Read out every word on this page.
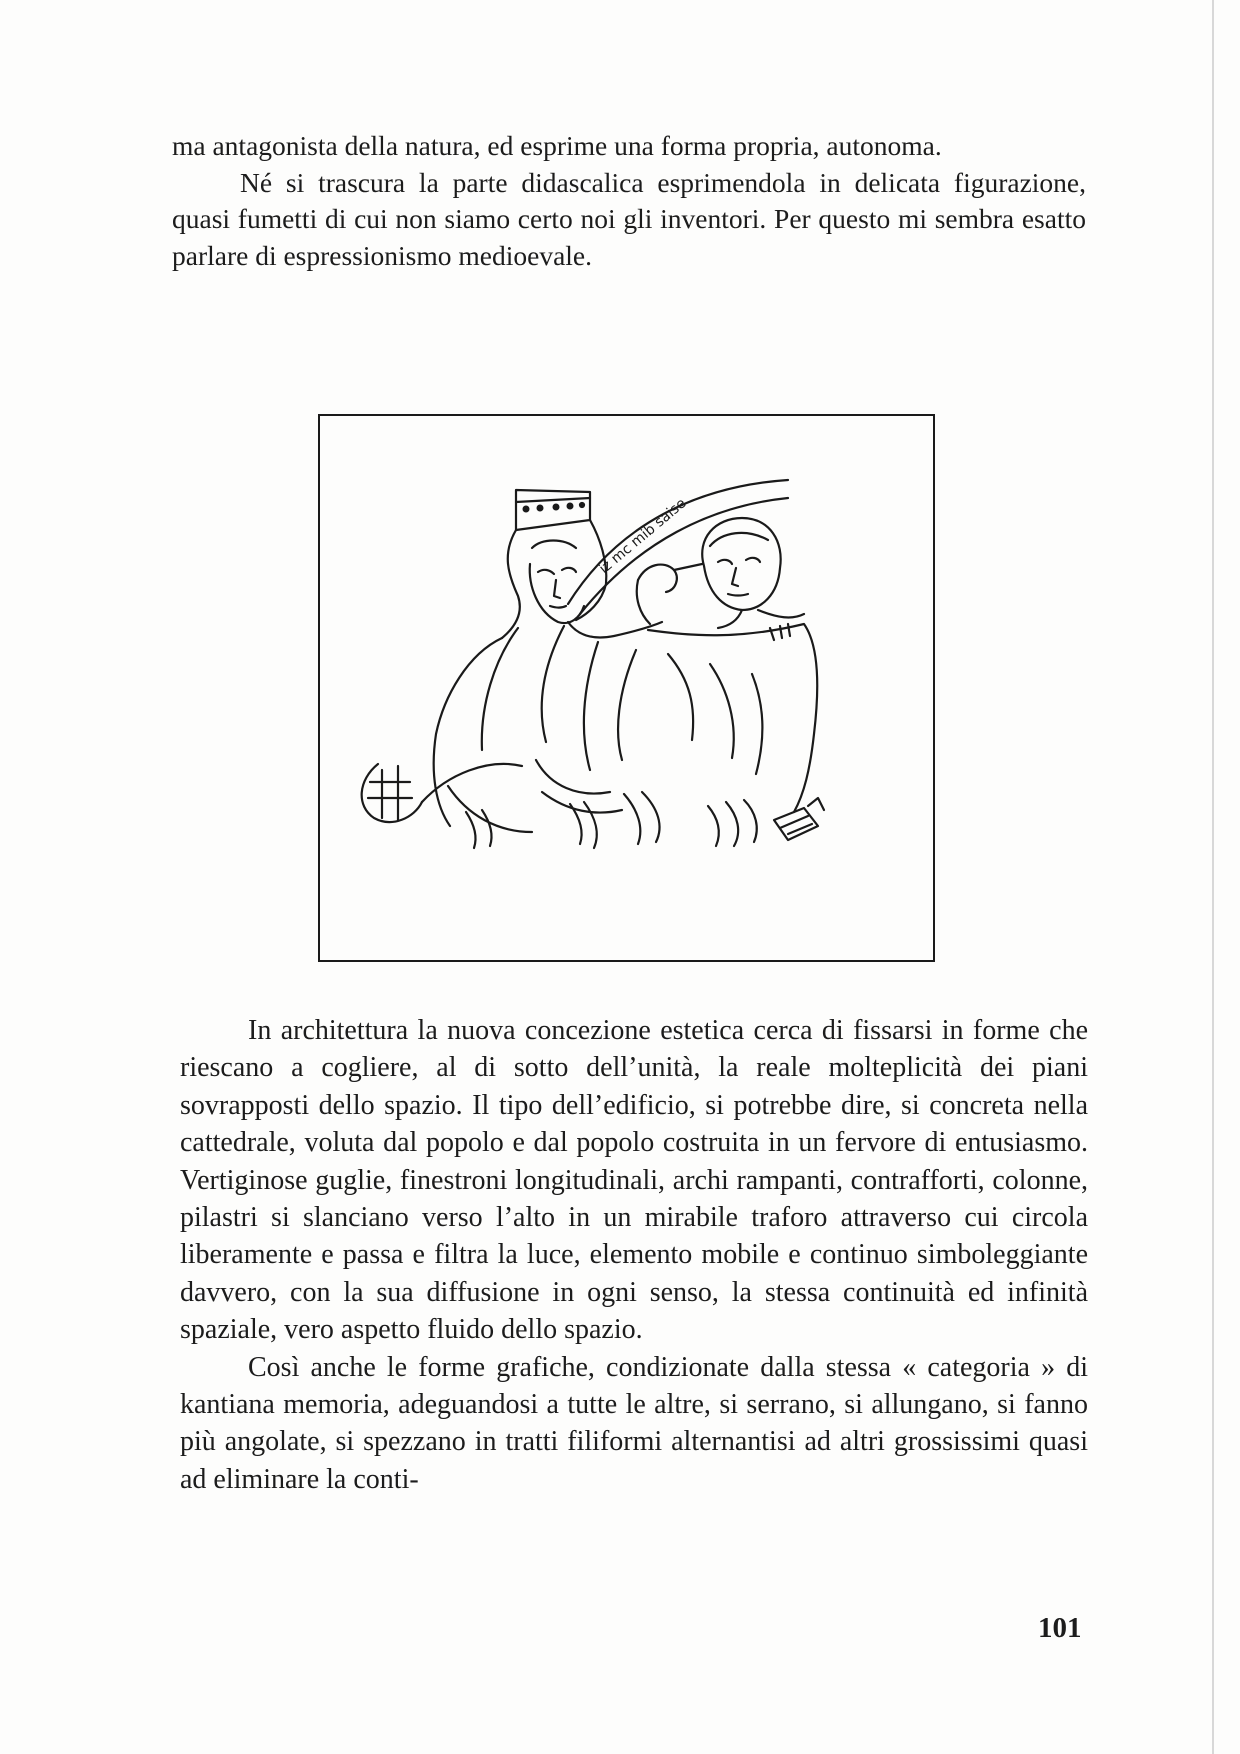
ma antagonista della natura, ed esprime una forma propria, autonoma.

Né si trascura la parte didascalica esprimendola in delicata figurazione, quasi fumetti di cui non siamo certo noi gli inventori. Per questo mi sembra esatto parlare di espressionismo medioevale.

iz mc mib saise

In architettura la nuova concezione estetica cerca di fissarsi in forme che riescano a cogliere, al di sotto dell’unità, la reale molteplicità dei piani sovrapposti dello spazio. Il tipo dell’edificio, si potrebbe dire, si concreta nella cattedrale, voluta dal popolo e dal popolo costruita in un fervore di entusiasmo. Vertiginose guglie, finestroni longitudinali, archi rampanti, contrafforti, colonne, pilastri si slanciano verso l’alto in un mirabile traforo attraverso cui circola liberamente e passa e filtra la luce, elemento mobile e continuo simboleggiante davvero, con la sua diffusione in ogni senso, la stessa continuità ed infinità spaziale, vero aspetto fluido dello spazio.

Così anche le forme grafiche, condizionate dalla stessa « categoria » di kantiana memoria, adeguandosi a tutte le altre, si serrano, si allungano, si fanno più angolate, si spezzano in tratti filiformi alternantisi ad altri grossissimi quasi ad eliminare la conti-

101
